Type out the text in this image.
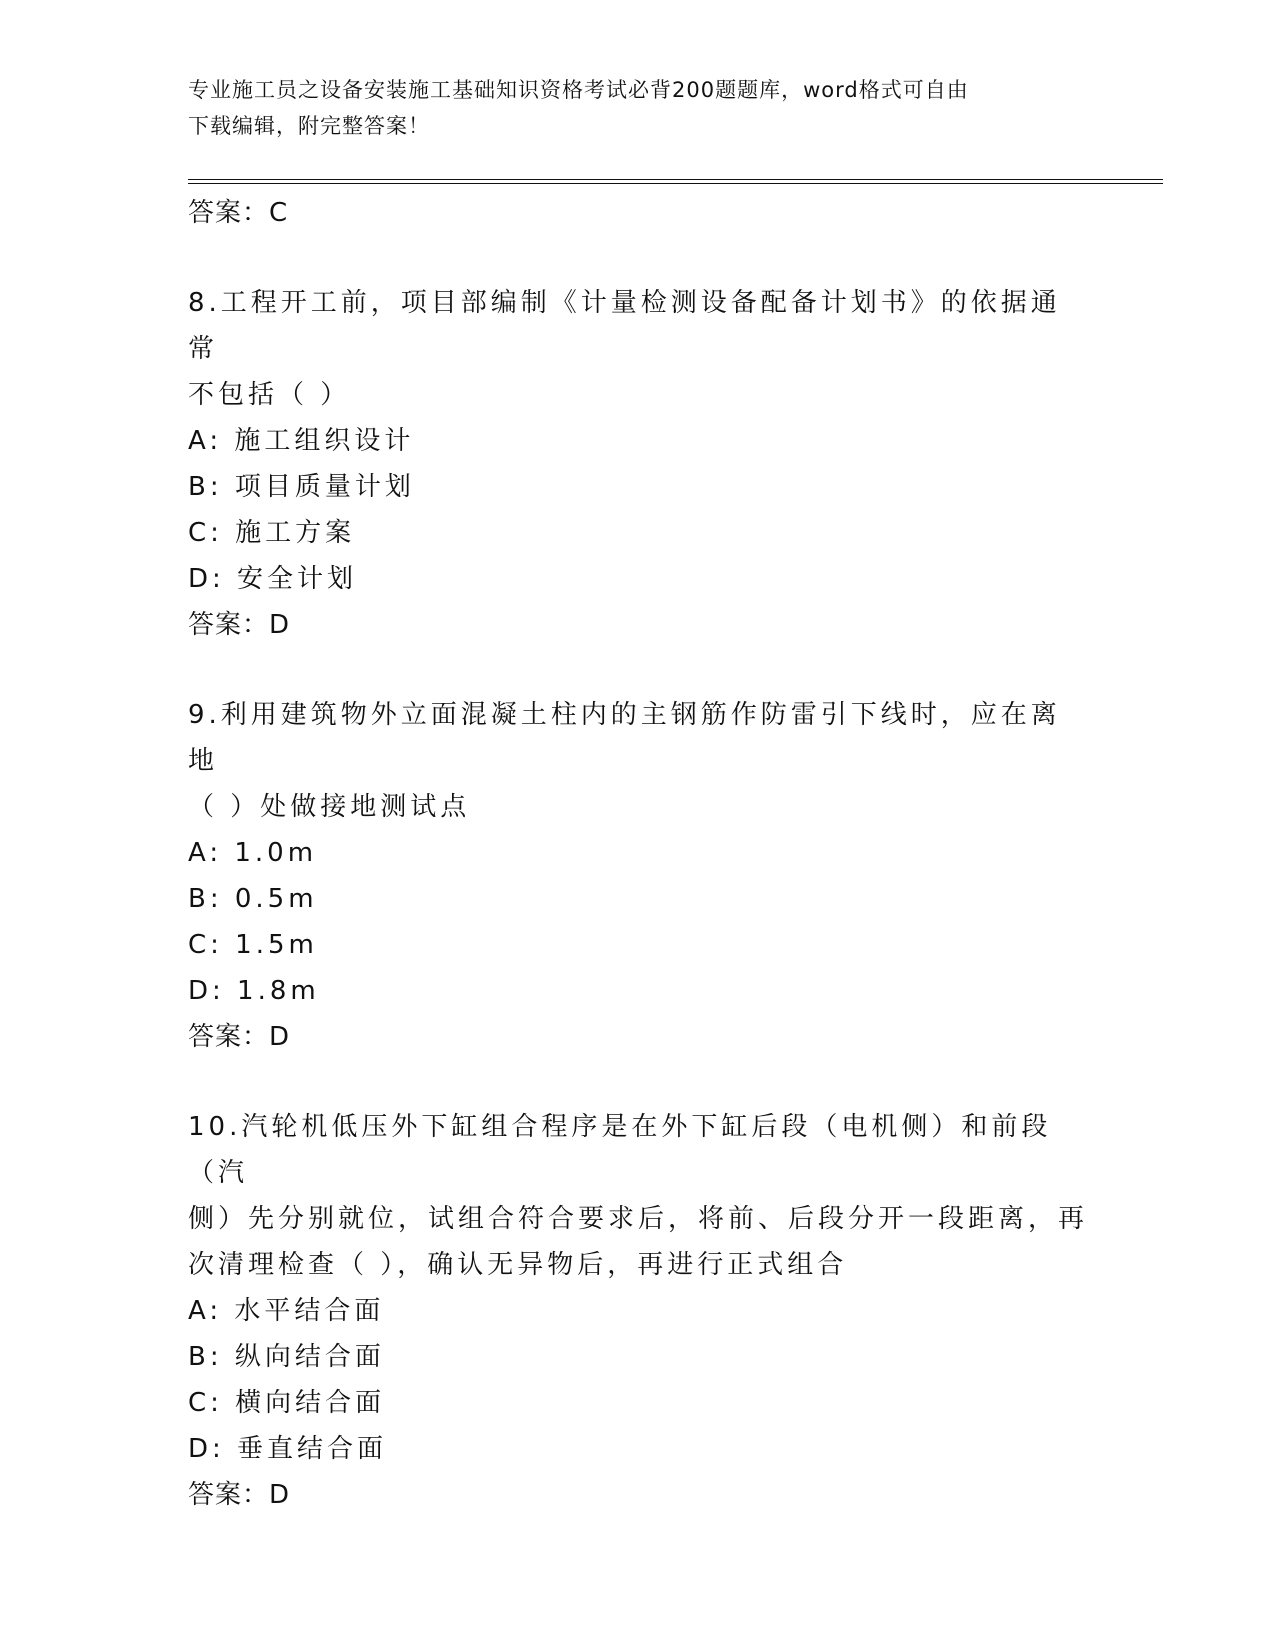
专业施工员之设备安装施工基础知识资格考试必背200题题库，word格式可自由
下载编辑，附完整答案！
答案：C
8.工程开工前，项目部编制《计量检测设备配备计划书》的依据通常
不包括（ ）
A: 施工组织设计
B: 项目质量计划
C: 施工方案
D: 安全计划
答案：D
9.利用建筑物外立面混凝土柱内的主钢筋作防雷引下线时，应在离地
（ ）处做接地测试点
A: 1.0m
B: 0.5m
C: 1.5m
D: 1.8m
答案：D
10.汽轮机低压外下缸组合程序是在外下缸后段（电机侧）和前段（汽
侧）先分别就位，试组合符合要求后，将前、后段分开一段距离，再
次清理检查（ ），确认无异物后，再进行正式组合
A: 水平结合面
B: 纵向结合面
C: 横向结合面
D: 垂直结合面
答案：D
